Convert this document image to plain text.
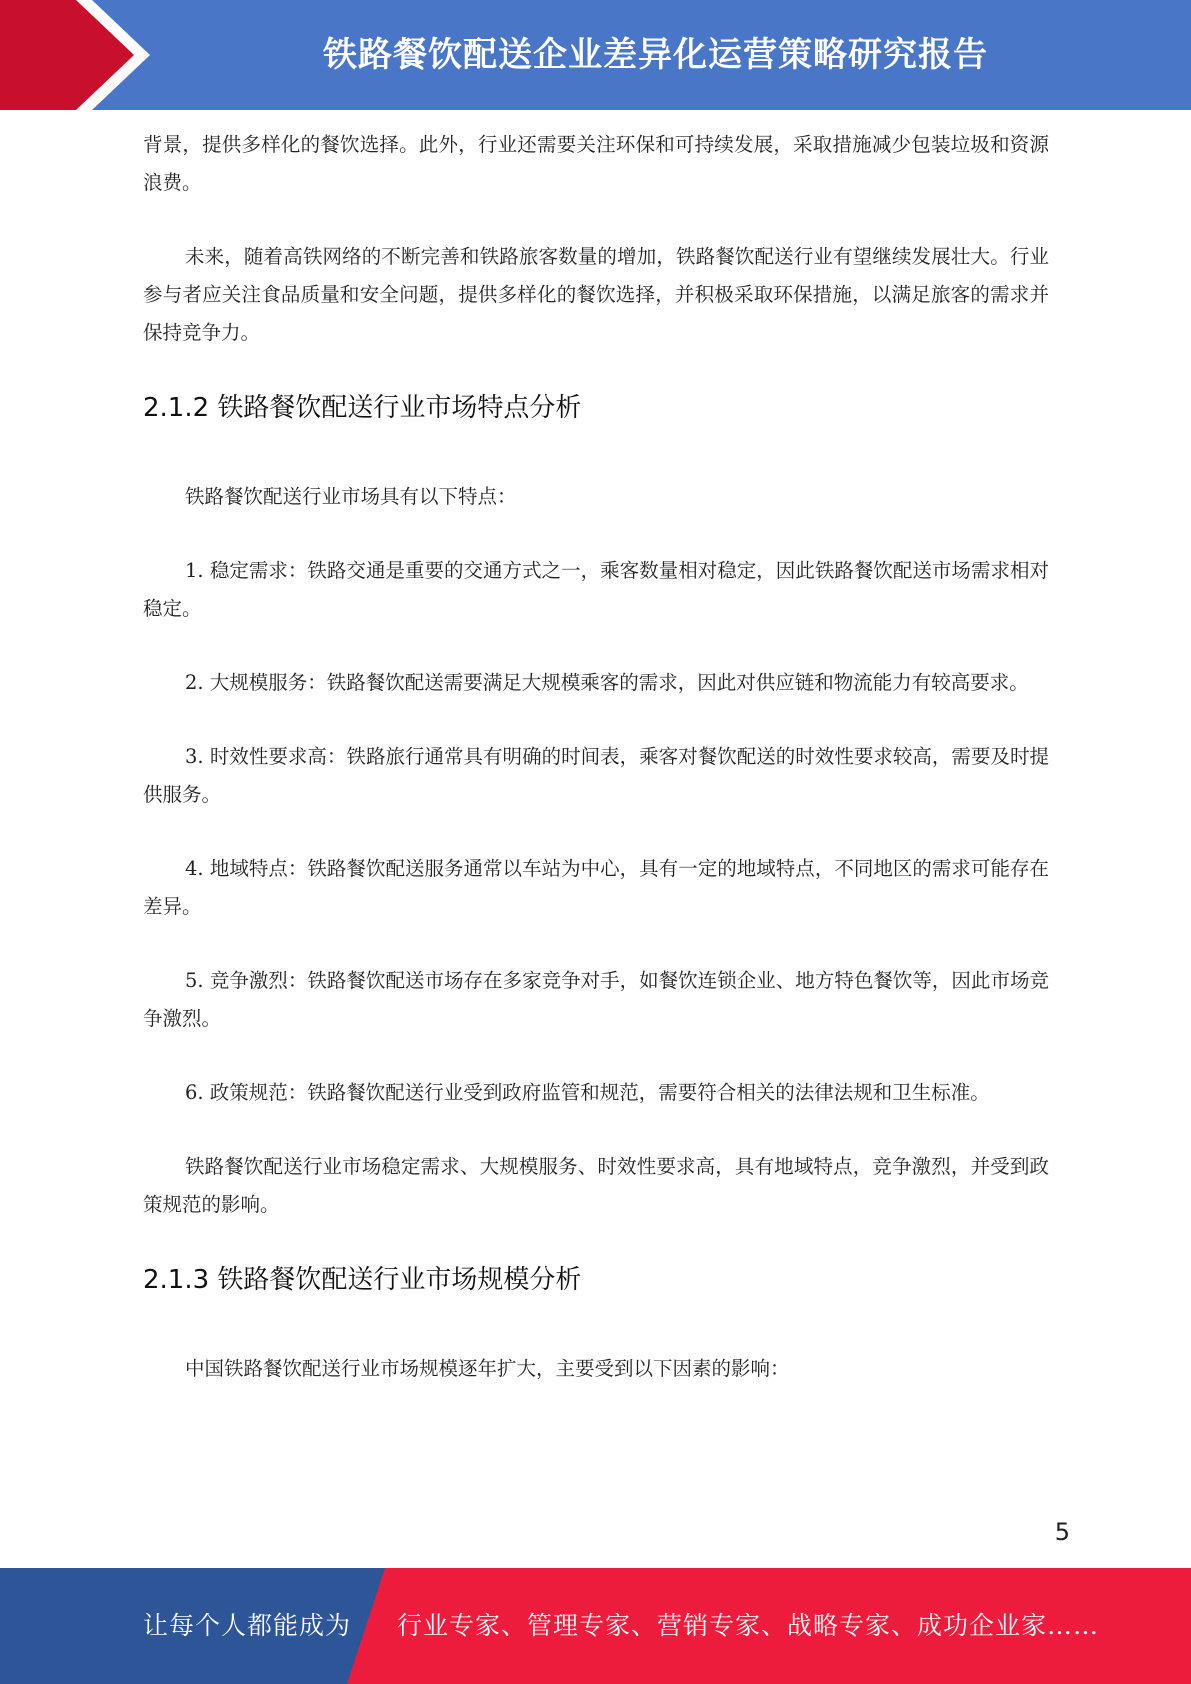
铁路餐饮配送企业差异化运营策略研究报告

背景，提供多样化的餐饮选择。此外，行业还需要关注环保和可持续发展，采取措施减少包装垃圾和资源浪费。

未来，随着高铁网络的不断完善和铁路旅客数量的增加，铁路餐饮配送行业有望继续发展壮大。行业参与者应关注食品质量和安全问题，提供多样化的餐饮选择，并积极采取环保措施，以满足旅客的需求并保持竞争力。

2.1.2 铁路餐饮配送行业市场特点分析

铁路餐饮配送行业市场具有以下特点：

1. 稳定需求：铁路交通是重要的交通方式之一，乘客数量相对稳定，因此铁路餐饮配送市场需求相对稳定。

2. 大规模服务：铁路餐饮配送需要满足大规模乘客的需求，因此对供应链和物流能力有较高要求。

3. 时效性要求高：铁路旅行通常具有明确的时间表，乘客对餐饮配送的时效性要求较高，需要及时提供服务。

4. 地域特点：铁路餐饮配送服务通常以车站为中心，具有一定的地域特点，不同地区的需求可能存在差异。

5. 竞争激烈：铁路餐饮配送市场存在多家竞争对手，如餐饮连锁企业、地方特色餐饮等，因此市场竞争激烈。

6. 政策规范：铁路餐饮配送行业受到政府监管和规范，需要符合相关的法律法规和卫生标准。

铁路餐饮配送行业市场稳定需求、大规模服务、时效性要求高，具有地域特点，竞争激烈，并受到政策规范的影响。

2.1.3 铁路餐饮配送行业市场规模分析

中国铁路餐饮配送行业市场规模逐年扩大，主要受到以下因素的影响：

5
让每个人都能成为 行业专家、管理专家、营销专家、战略专家、成功企业家……
